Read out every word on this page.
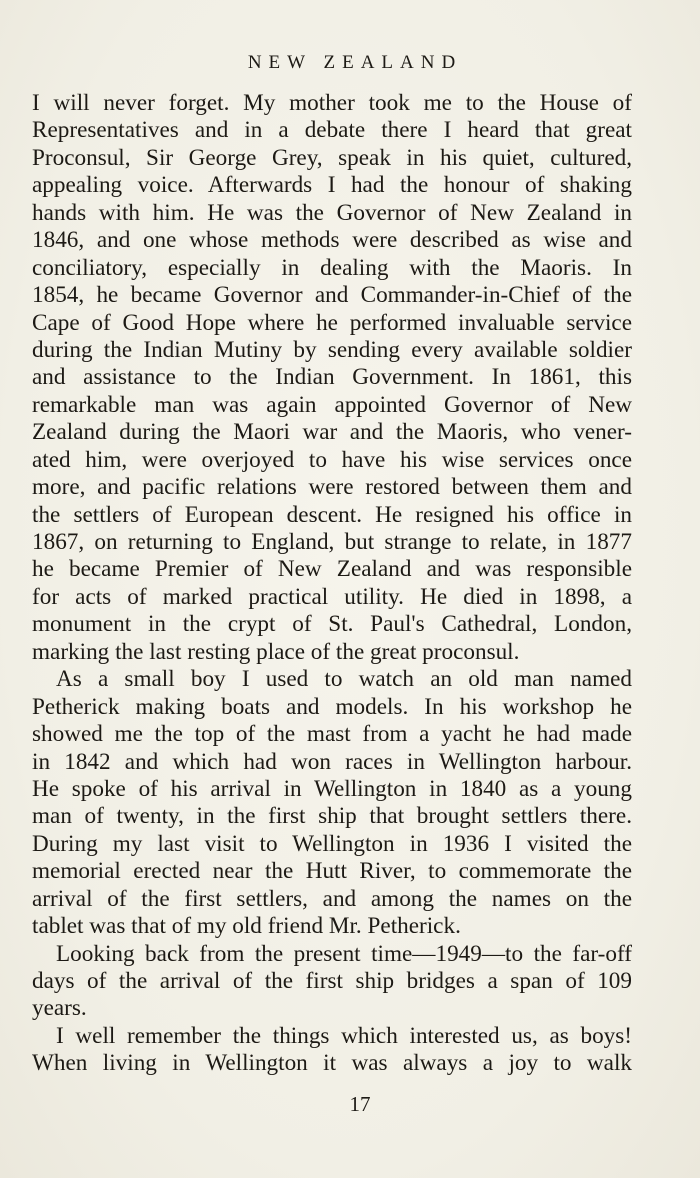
NEW ZEALAND
I will never forget. My mother took me to the House of
Representatives and in a debate there I heard that great
Proconsul, Sir George Grey, speak in his quiet, cultured,
appealing voice. Afterwards I had the honour of shaking
hands with him. He was the Governor of New Zealand in
1846, and one whose methods were described as wise and
conciliatory, especially in dealing with the Maoris. In
1854, he became Governor and Commander-in-Chief of the
Cape of Good Hope where he performed invaluable service
during the Indian Mutiny by sending every available soldier
and assistance to the Indian Government. In 1861, this
remarkable man was again appointed Governor of New
Zealand during the Maori war and the Maoris, who vener-
ated him, were overjoyed to have his wise services once
more, and pacific relations were restored between them and
the settlers of European descent. He resigned his office in
1867, on returning to England, but strange to relate, in 1877
he became Premier of New Zealand and was responsible
for acts of marked practical utility. He died in 1898, a
monument in the crypt of St. Paul's Cathedral, London,
marking the last resting place of the great proconsul.
As a small boy I used to watch an old man named
Petherick making boats and models. In his workshop he
showed me the top of the mast from a yacht he had made
in 1842 and which had won races in Wellington harbour.
He spoke of his arrival in Wellington in 1840 as a young
man of twenty, in the first ship that brought settlers there.
During my last visit to Wellington in 1936 I visited the
memorial erected near the Hutt River, to commemorate the
arrival of the first settlers, and among the names on the
tablet was that of my old friend Mr. Petherick.
Looking back from the present time—1949—to the far-off
days of the arrival of the first ship bridges a span of 109
years.
I well remember the things which interested us, as boys!
When living in Wellington it was always a joy to walk
17
